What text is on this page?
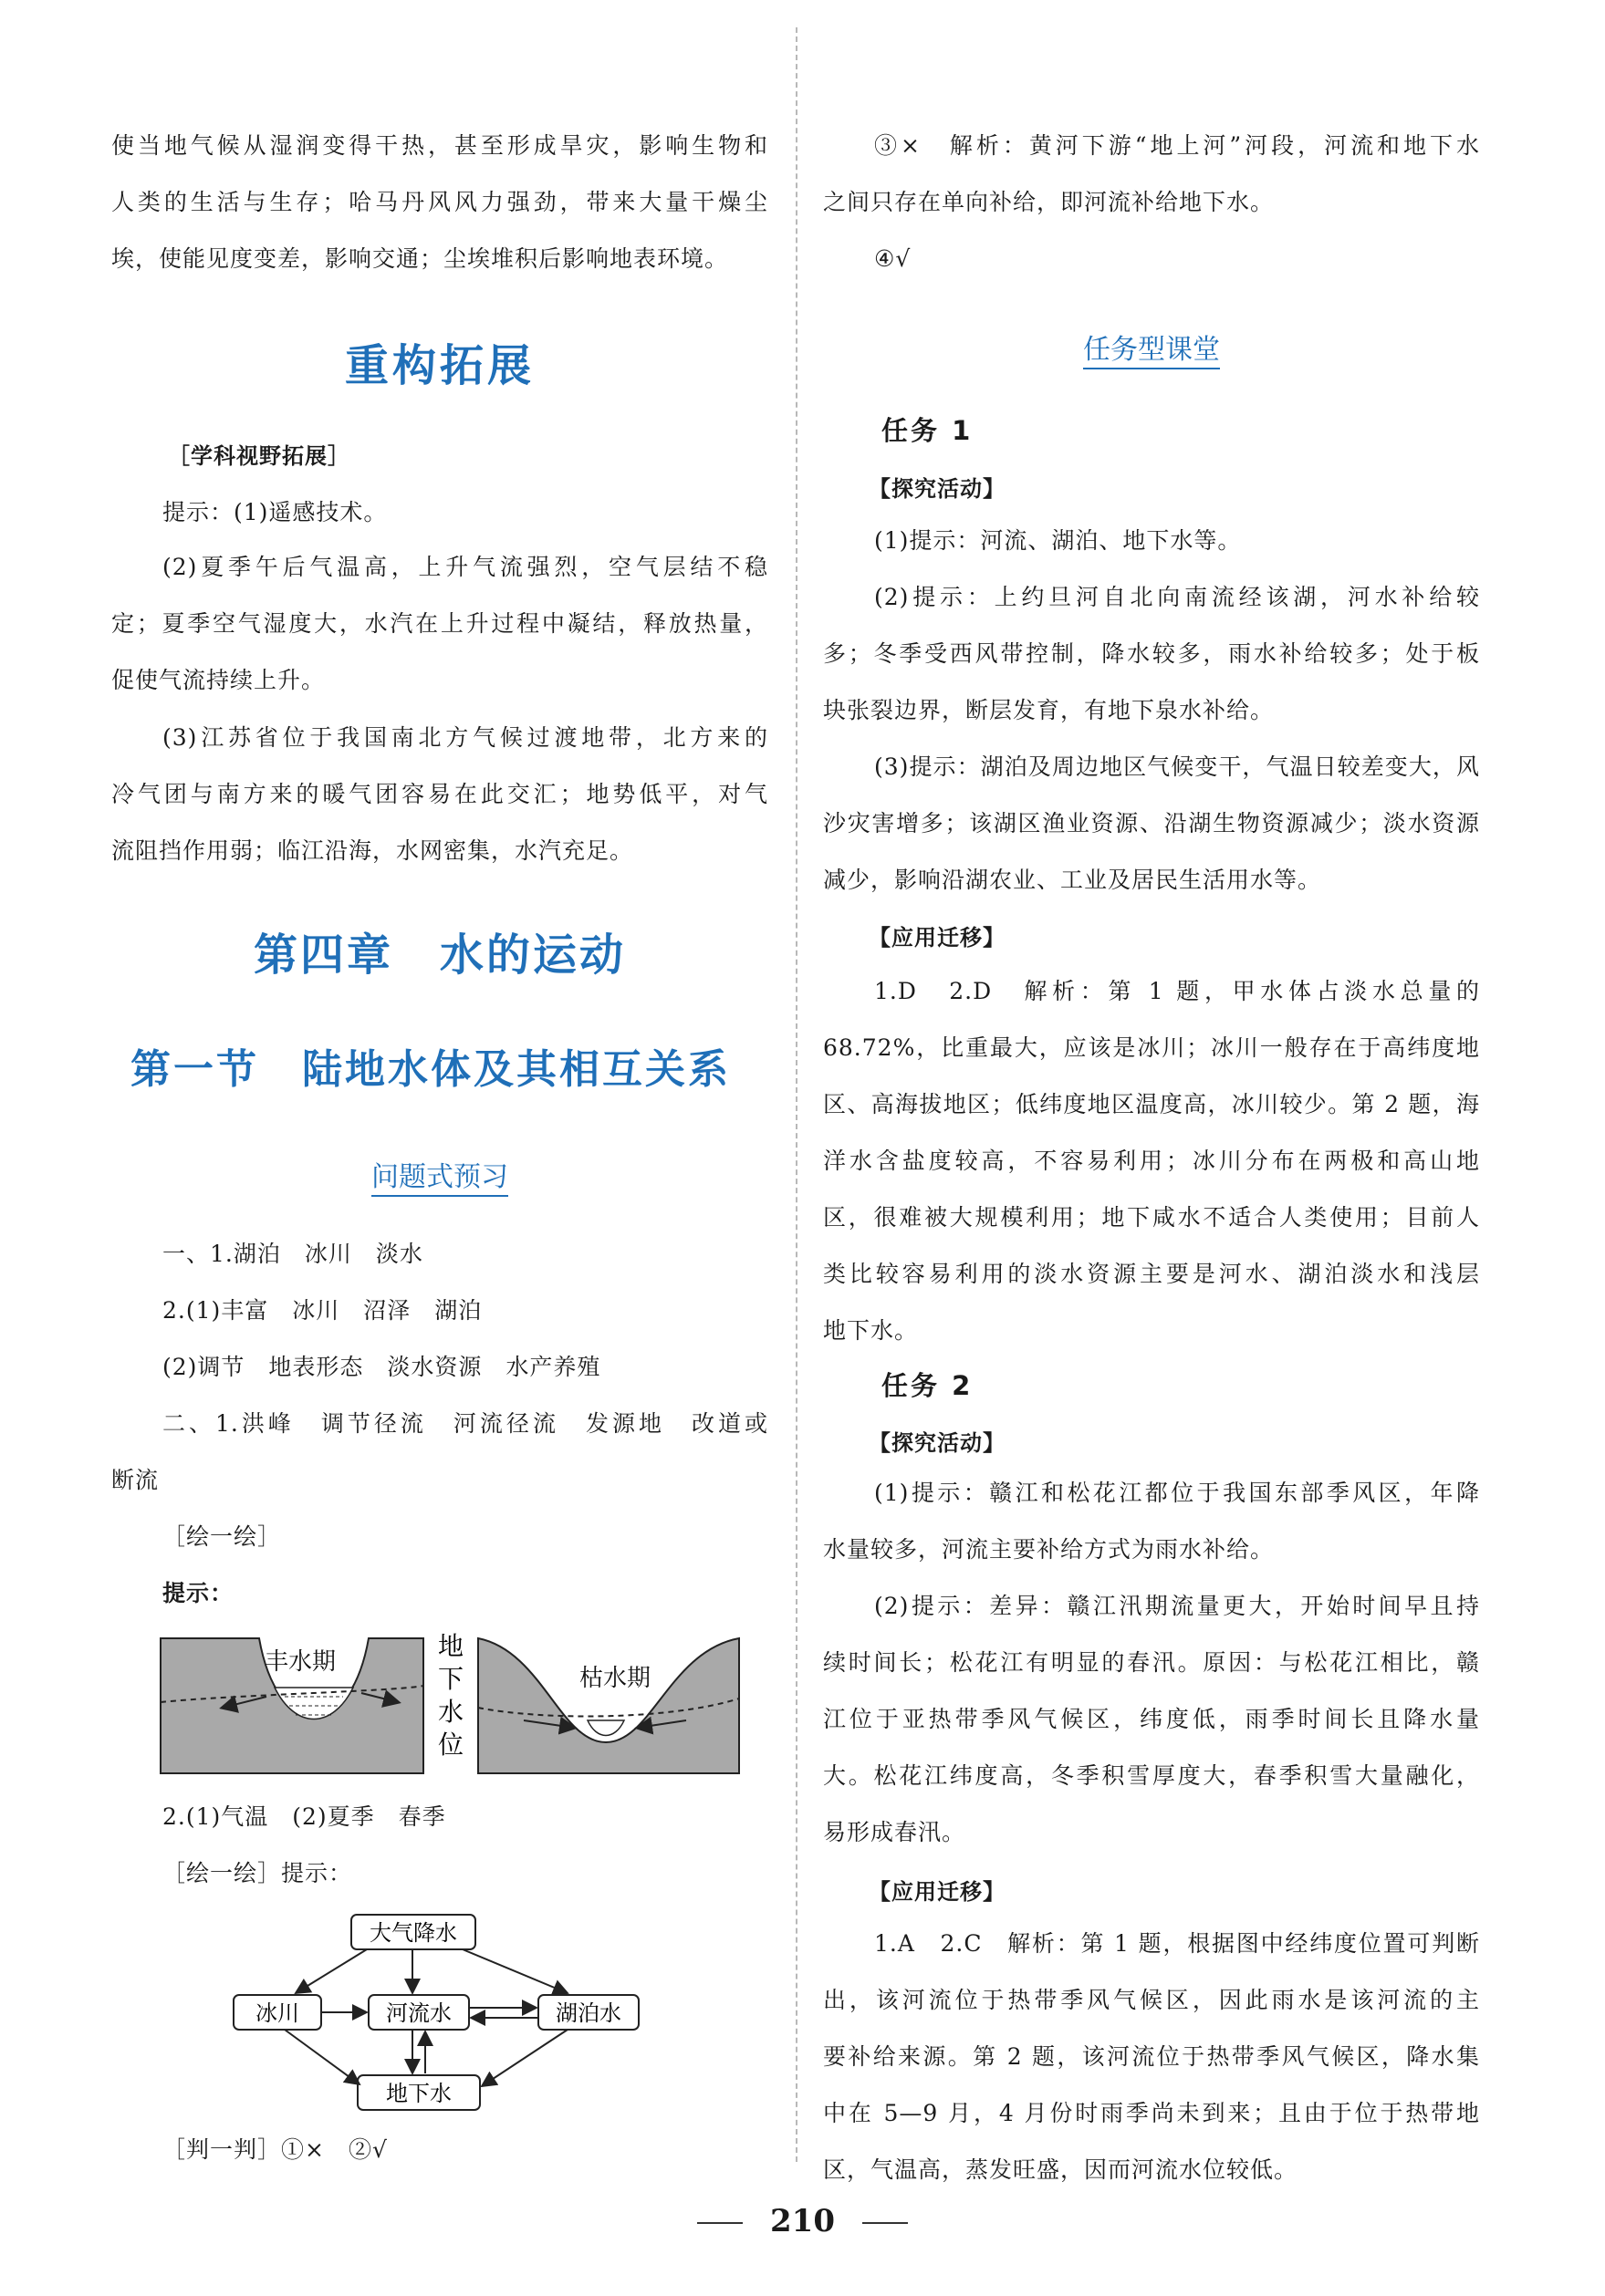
使当地气候从湿润变得干热，甚至形成旱灾，影响生物和
人类的生活与生存；哈马丹风风力强劲，带来大量干燥尘
埃，使能见度变差，影响交通；尘埃堆积后影响地表环境。
重构拓展
［学科视野拓展］
提示：(1)遥感技术。
(2)夏季午后气温高，上升气流强烈，空气层结不稳
定；夏季空气湿度大，水汽在上升过程中凝结，释放热量，
促使气流持续上升。
(3)江苏省位于我国南北方气候过渡地带，北方来的
冷气团与南方来的暖气团容易在此交汇；地势低平，对气
流阻挡作用弱；临江沿海，水网密集，水汽充足。
第四章　水的运动
第一节　陆地水体及其相互关系
问题式预习
一、1.湖泊　冰川　淡水
2.(1)丰富　冰川　沼泽　湖泊
(2)调节　地表形态　淡水资源　水产养殖
二、1.洪峰　调节径流　河流径流　发源地　改道或
断流
［绘一绘］
提示：
丰水期
地
下
水
位
枯水期
2.(1)气温　(2)夏季　春季
［绘一绘］提示：
大气降水
冰川	河流水	湖泊水
地下水
［判一判］①×　②√
③×　解析：黄河下游“地上河”河段，河流和地下水
之间只存在单向补给，即河流补给地下水。
④√
任务型课堂
任务 1
【探究活动】
(1)提示：河流、湖泊、地下水等。
(2)提示：上约旦河自北向南流经该湖，河水补给较
多；冬季受西风带控制，降水较多，雨水补给较多；处于板
块张裂边界，断层发育，有地下泉水补给。
(3)提示：湖泊及周边地区气候变干，气温日较差变大，风
沙灾害增多；该湖区渔业资源、沿湖生物资源减少；淡水资源
减少，影响沿湖农业、工业及居民生活用水等。
【应用迁移】
1.D　2.D　解析：第 1 题，甲水体占淡水总量的
68.72%，比重最大，应该是冰川；冰川一般存在于高纬度地
区、高海拔地区；低纬度地区温度高，冰川较少。第 2 题，海
洋水含盐度较高，不容易利用；冰川分布在两极和高山地
区，很难被大规模利用；地下咸水不适合人类使用；目前人
类比较容易利用的淡水资源主要是河水、湖泊淡水和浅层
地下水。
任务 2
【探究活动】
(1)提示：赣江和松花江都位于我国东部季风区，年降
水量较多，河流主要补给方式为雨水补给。
(2)提示：差异：赣江汛期流量更大，开始时间早且持
续时间长；松花江有明显的春汛。原因：与松花江相比，赣
江位于亚热带季风气候区，纬度低，雨季时间长且降水量
大。松花江纬度高，冬季积雪厚度大，春季积雪大量融化，
易形成春汛。
【应用迁移】
1.A　2.C　解析：第 1 题，根据图中经纬度位置可判断
出，该河流位于热带季风气候区，因此雨水是该河流的主
要补给来源。第 2 题，该河流位于热带季风气候区，降水集
中在 5—9 月，4 月份时雨季尚未到来；且由于位于热带地
区，气温高，蒸发旺盛，因而河流水位较低。
210
